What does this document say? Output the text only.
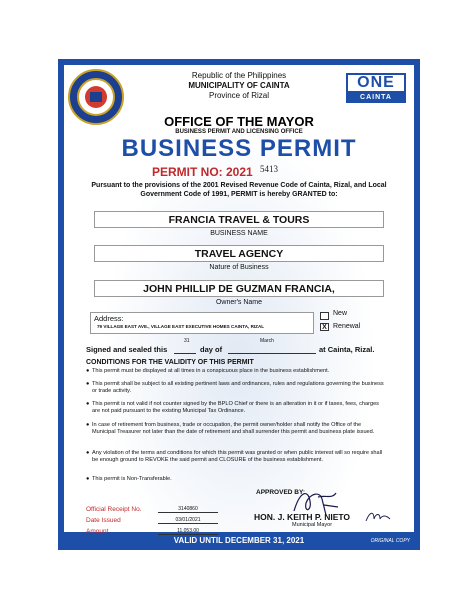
Republic of the Philippines
MUNICIPALITY OF CAINTA
Province of Rizal
ONE
CAINTA
OFFICE OF THE MAYOR
BUSINESS PERMIT AND LICENSING OFFICE
BUSINESS PERMIT
PERMIT NO: 2021 5413
Pursuant to the provisions of the 2001 Revised Revenue Code of Cainta, Rizal, and Local Government Code of 1991, PERMIT is hereby GRANTED to:
FRANCIA TRAVEL & TOURS
BUSINESS NAME
TRAVEL AGENCY
Nature of Business
JOHN PHILLIP DE GUZMAN FRANCIA,
Owner's Name
Address:
79 VILLAGE EAST AVE., VILLAGE EAST EXECUTIVE HOMES CAINTA, RIZAL
New
X Renewal
Signed and sealed this
31
day of
March
at Cainta, Rizal.
CONDITIONS FOR THE VALIDITY OF THIS PERMIT
● This permit must be displayed at all times in a conspicuous place in the business establishment.
● This permit shall be subject to all existing pertinent laws and ordinances, rules and regulations governing the business or trade activity.
● This permit is not valid if not counter signed by the BPLO Chief or there is an alteration in it or if taxes, fees, charges are not paid pursuant to the existing Municipal Tax Ordinance.
● In case of retirement from business, trade or occupation, the permit owner/holder shall notify the Office of the Municipal Treasurer not later than the date of retirement and shall surrender this permit and business plate issued.
● Any violation of the terms and conditions for which this permit was granted or when public interest will so require shall be enough ground to REVOKE the said permit and CLOSURE of the business establishment.
● This permit is Non-Transferable.
Official Receipt No.	3140860
Date Issued	03/01/2021
Amount	11,053.00
APPROVED BY:
HON. J. KEITH P. NIETO
Municipal Mayor
VALID UNTIL DECEMBER 31, 2021	ORIGINAL COPY
